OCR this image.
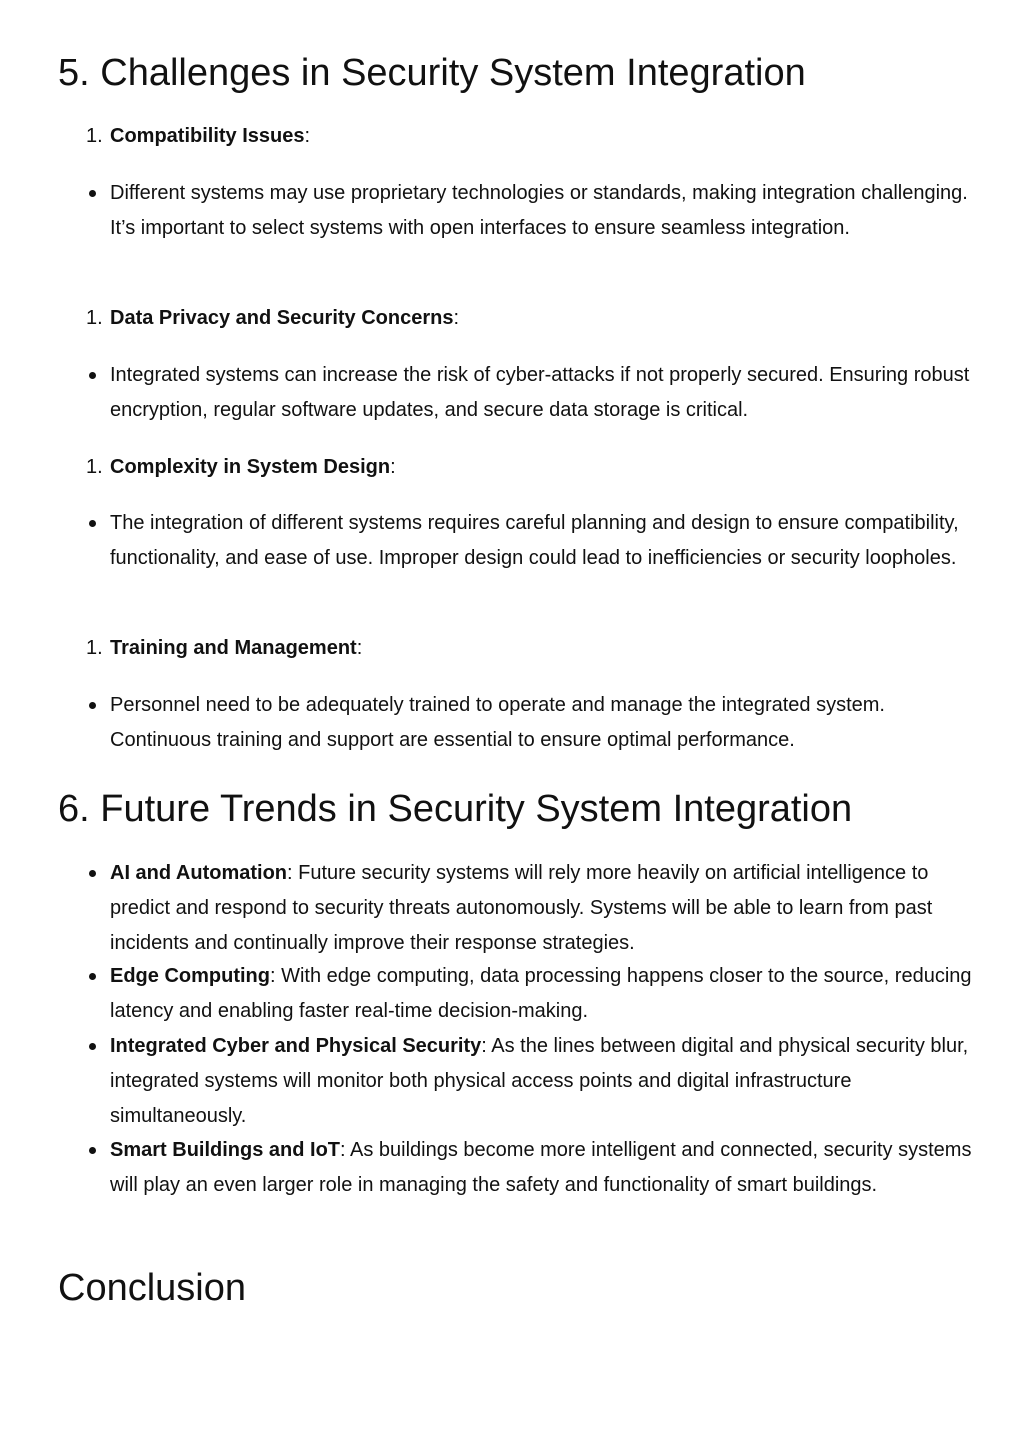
5. Challenges in Security System Integration
1. Compatibility Issues:
Different systems may use proprietary technologies or standards, making integration challenging. It’s important to select systems with open interfaces to ensure seamless integration.
1. Data Privacy and Security Concerns:
Integrated systems can increase the risk of cyber-attacks if not properly secured. Ensuring robust encryption, regular software updates, and secure data storage is critical.
1. Complexity in System Design:
The integration of different systems requires careful planning and design to ensure compatibility, functionality, and ease of use. Improper design could lead to inefficiencies or security loopholes.
1. Training and Management:
Personnel need to be adequately trained to operate and manage the integrated system. Continuous training and support are essential to ensure optimal performance.
6. Future Trends in Security System Integration
AI and Automation: Future security systems will rely more heavily on artificial intelligence to predict and respond to security threats autonomously. Systems will be able to learn from past incidents and continually improve their response strategies.
Edge Computing: With edge computing, data processing happens closer to the source, reducing latency and enabling faster real-time decision-making.
Integrated Cyber and Physical Security: As the lines between digital and physical security blur, integrated systems will monitor both physical access points and digital infrastructure simultaneously.
Smart Buildings and IoT: As buildings become more intelligent and connected, security systems will play an even larger role in managing the safety and functionality of smart buildings.
Conclusion
